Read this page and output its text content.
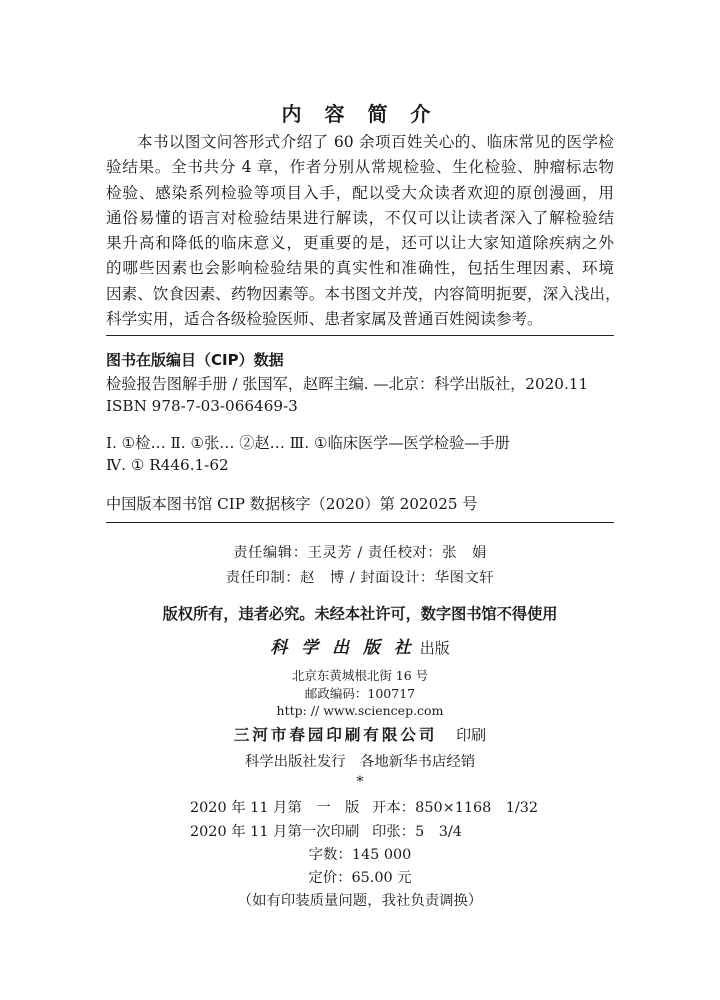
内 容 简 介
本书以图文问答形式介绍了 60 余项百姓关心的、临床常见的医学检
验结果。全书共分 4 章，作者分别从常规检验、生化检验、肿瘤标志物
检验、感染系列检验等项目入手，配以受大众读者欢迎的原创漫画，用
通俗易懂的语言对检验结果进行解读，不仅可以让读者深入了解检验结
果升高和降低的临床意义，更重要的是，还可以让大家知道除疾病之外
的哪些因素也会影响检验结果的真实性和准确性，包括生理因素、环境
因素、饮食因素、药物因素等。本书图文并茂，内容简明扼要，深入浅出，
科学实用，适合各级检验医师、患者家属及普通百姓阅读参考。
图书在版编目（CIP）数据
检验报告图解手册 / 张国军，赵晖主编. —北京：科学出版社，2020.11
ISBN 978-7-03-066469-3
Ⅰ. ①检… Ⅱ. ①张… ②赵… Ⅲ. ①临床医学—医学检验—手册
Ⅳ. ① R446.1-62
中国版本图书馆 CIP 数据核字（2020）第 202025 号
责任编辑：王灵芳 / 责任校对：张　娟
责任印制：赵　博 / 封面设计：华图文轩
版权所有，违者必究。未经本社许可，数字图书馆不得使用
科 学 出 版 社 出版
北京东黄城根北街 16 号
邮政编码：100717
http: // www.sciencep.com
三河市春园印刷有限公司 印刷
科学出版社发行　各地新华书店经销
*
2020 年 11 月第　一　版 开本：850×1168　1/32
2020 年 11 月第一次印刷 印张：5　3/4
字数：145 000
定价：65.00 元
（如有印装质量问题，我社负责调换）
